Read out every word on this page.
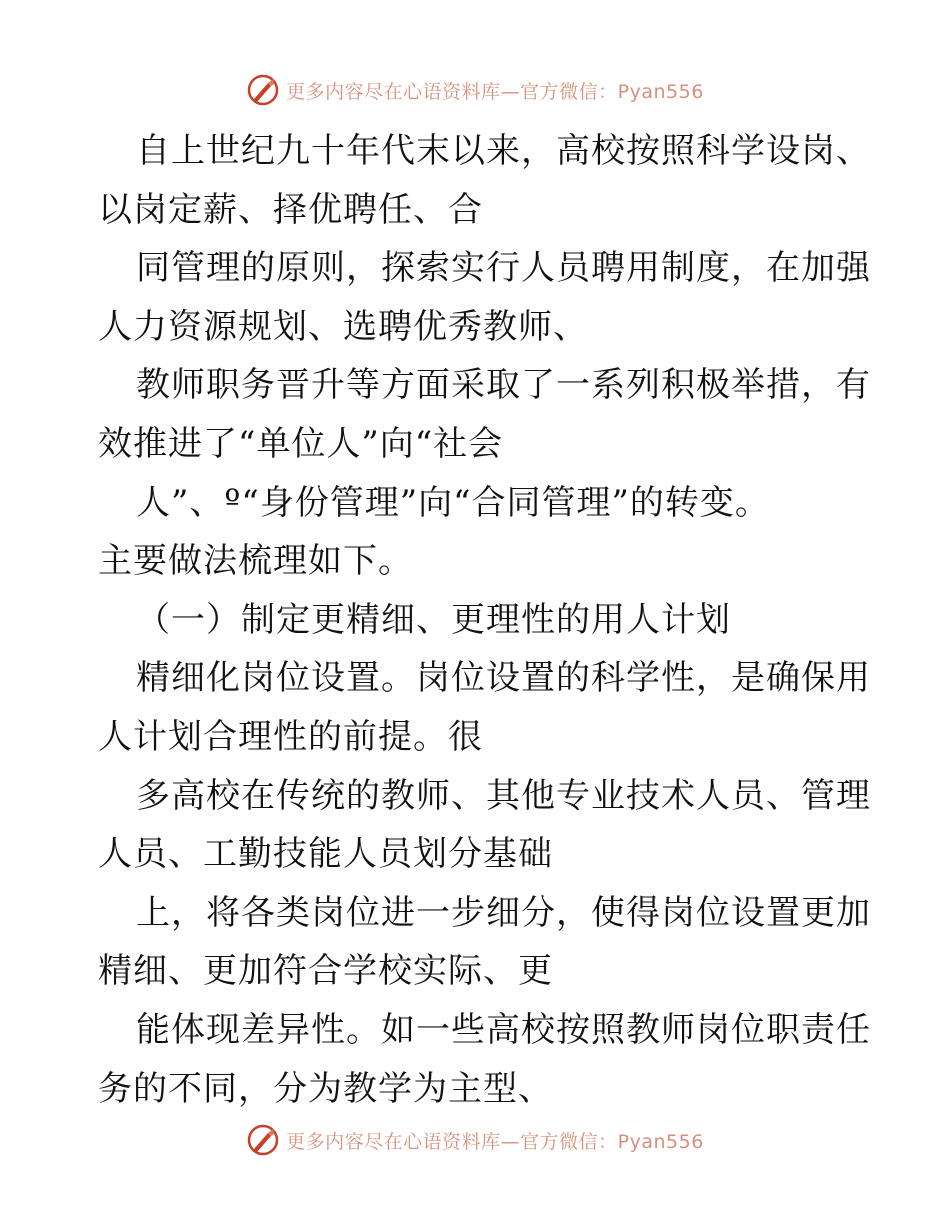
更多内容尽在心语资料库—官方微信：Pyan556
自上世纪九十年代末以来，高校按照科学设岗、
以岗定薪、择优聘任、合
同管理的原则，探索实行人员聘用制度，在加强
人力资源规划、选聘优秀教师、
教师职务晋升等方面采取了一系列积极举措，有
效推进了“单位人”向“社会
人”、º“身份管理”向“合同管理”的转变。
主要做法梳理如下。
（一）制定更精细、更理性的用人计划
精细化岗位设置。岗位设置的科学性，是确保用
人计划合理性的前提。很
多高校在传统的教师、其他专业技术人员、管理
人员、工勤技能人员划分基础
上，将各类岗位进一步细分，使得岗位设置更加
精细、更加符合学校实际、更
能体现差异性。如一些高校按照教师岗位职责任
务的不同，分为教学为主型、
更多内容尽在心语资料库—官方微信：Pyan556
